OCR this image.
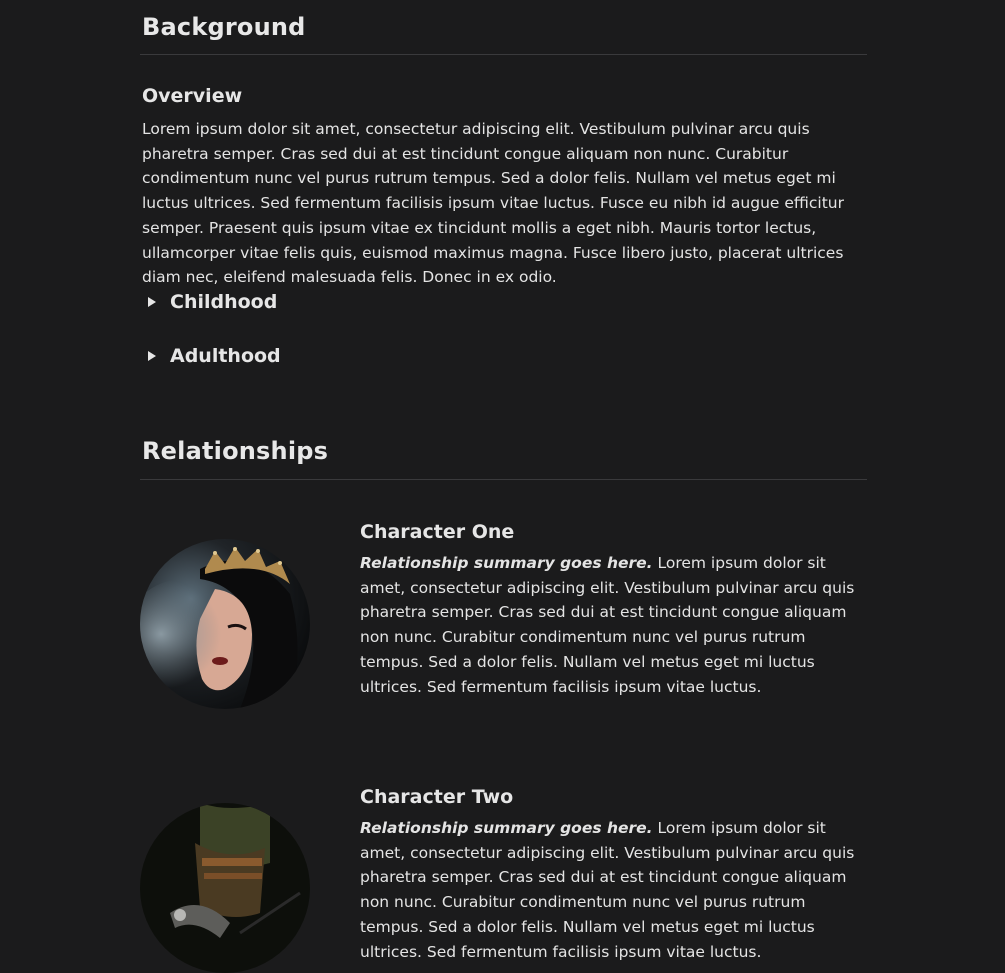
Background
Overview

Lorem ipsum dolor sit amet, consectetur adipiscing elit. Vestibulum pulvinar arcu quis pharetra semper. Cras sed dui at est tincidunt congue aliquam non nunc. Curabitur condimentum nunc vel purus rutrum tempus. Sed a dolor felis. Nullam vel metus eget mi luctus ultrices. Sed fermentum facilisis ipsum vitae luctus. Fusce eu nibh id augue efficitur semper. Praesent quis ipsum vitae ex tincidunt mollis a eget nibh. Mauris tortor lectus, ullamcorper vitae felis quis, euismod maximus magna. Fusce libero justo, placerat ultrices diam nec, eleifend malesuada felis. Donec in ex odio.

Childhood
Adulthood
Relationships
Character One

Relationship summary goes here. Lorem ipsum dolor sit amet, consectetur adipiscing elit. Vestibulum pulvinar arcu quis pharetra semper. Cras sed dui at est tincidunt congue aliquam non nunc. Curabitur condimentum nunc vel purus rutrum tempus. Sed a dolor felis. Nullam vel metus eget mi luctus ultrices. Sed fermentum facilisis ipsum vitae luctus.

Character Two

Relationship summary goes here. Lorem ipsum dolor sit amet, consectetur adipiscing elit. Vestibulum pulvinar arcu quis pharetra semper. Cras sed dui at est tincidunt congue aliquam non nunc. Curabitur condimentum nunc vel purus rutrum tempus. Sed a dolor felis. Nullam vel metus eget mi luctus ultrices. Sed fermentum facilisis ipsum vitae luctus.
